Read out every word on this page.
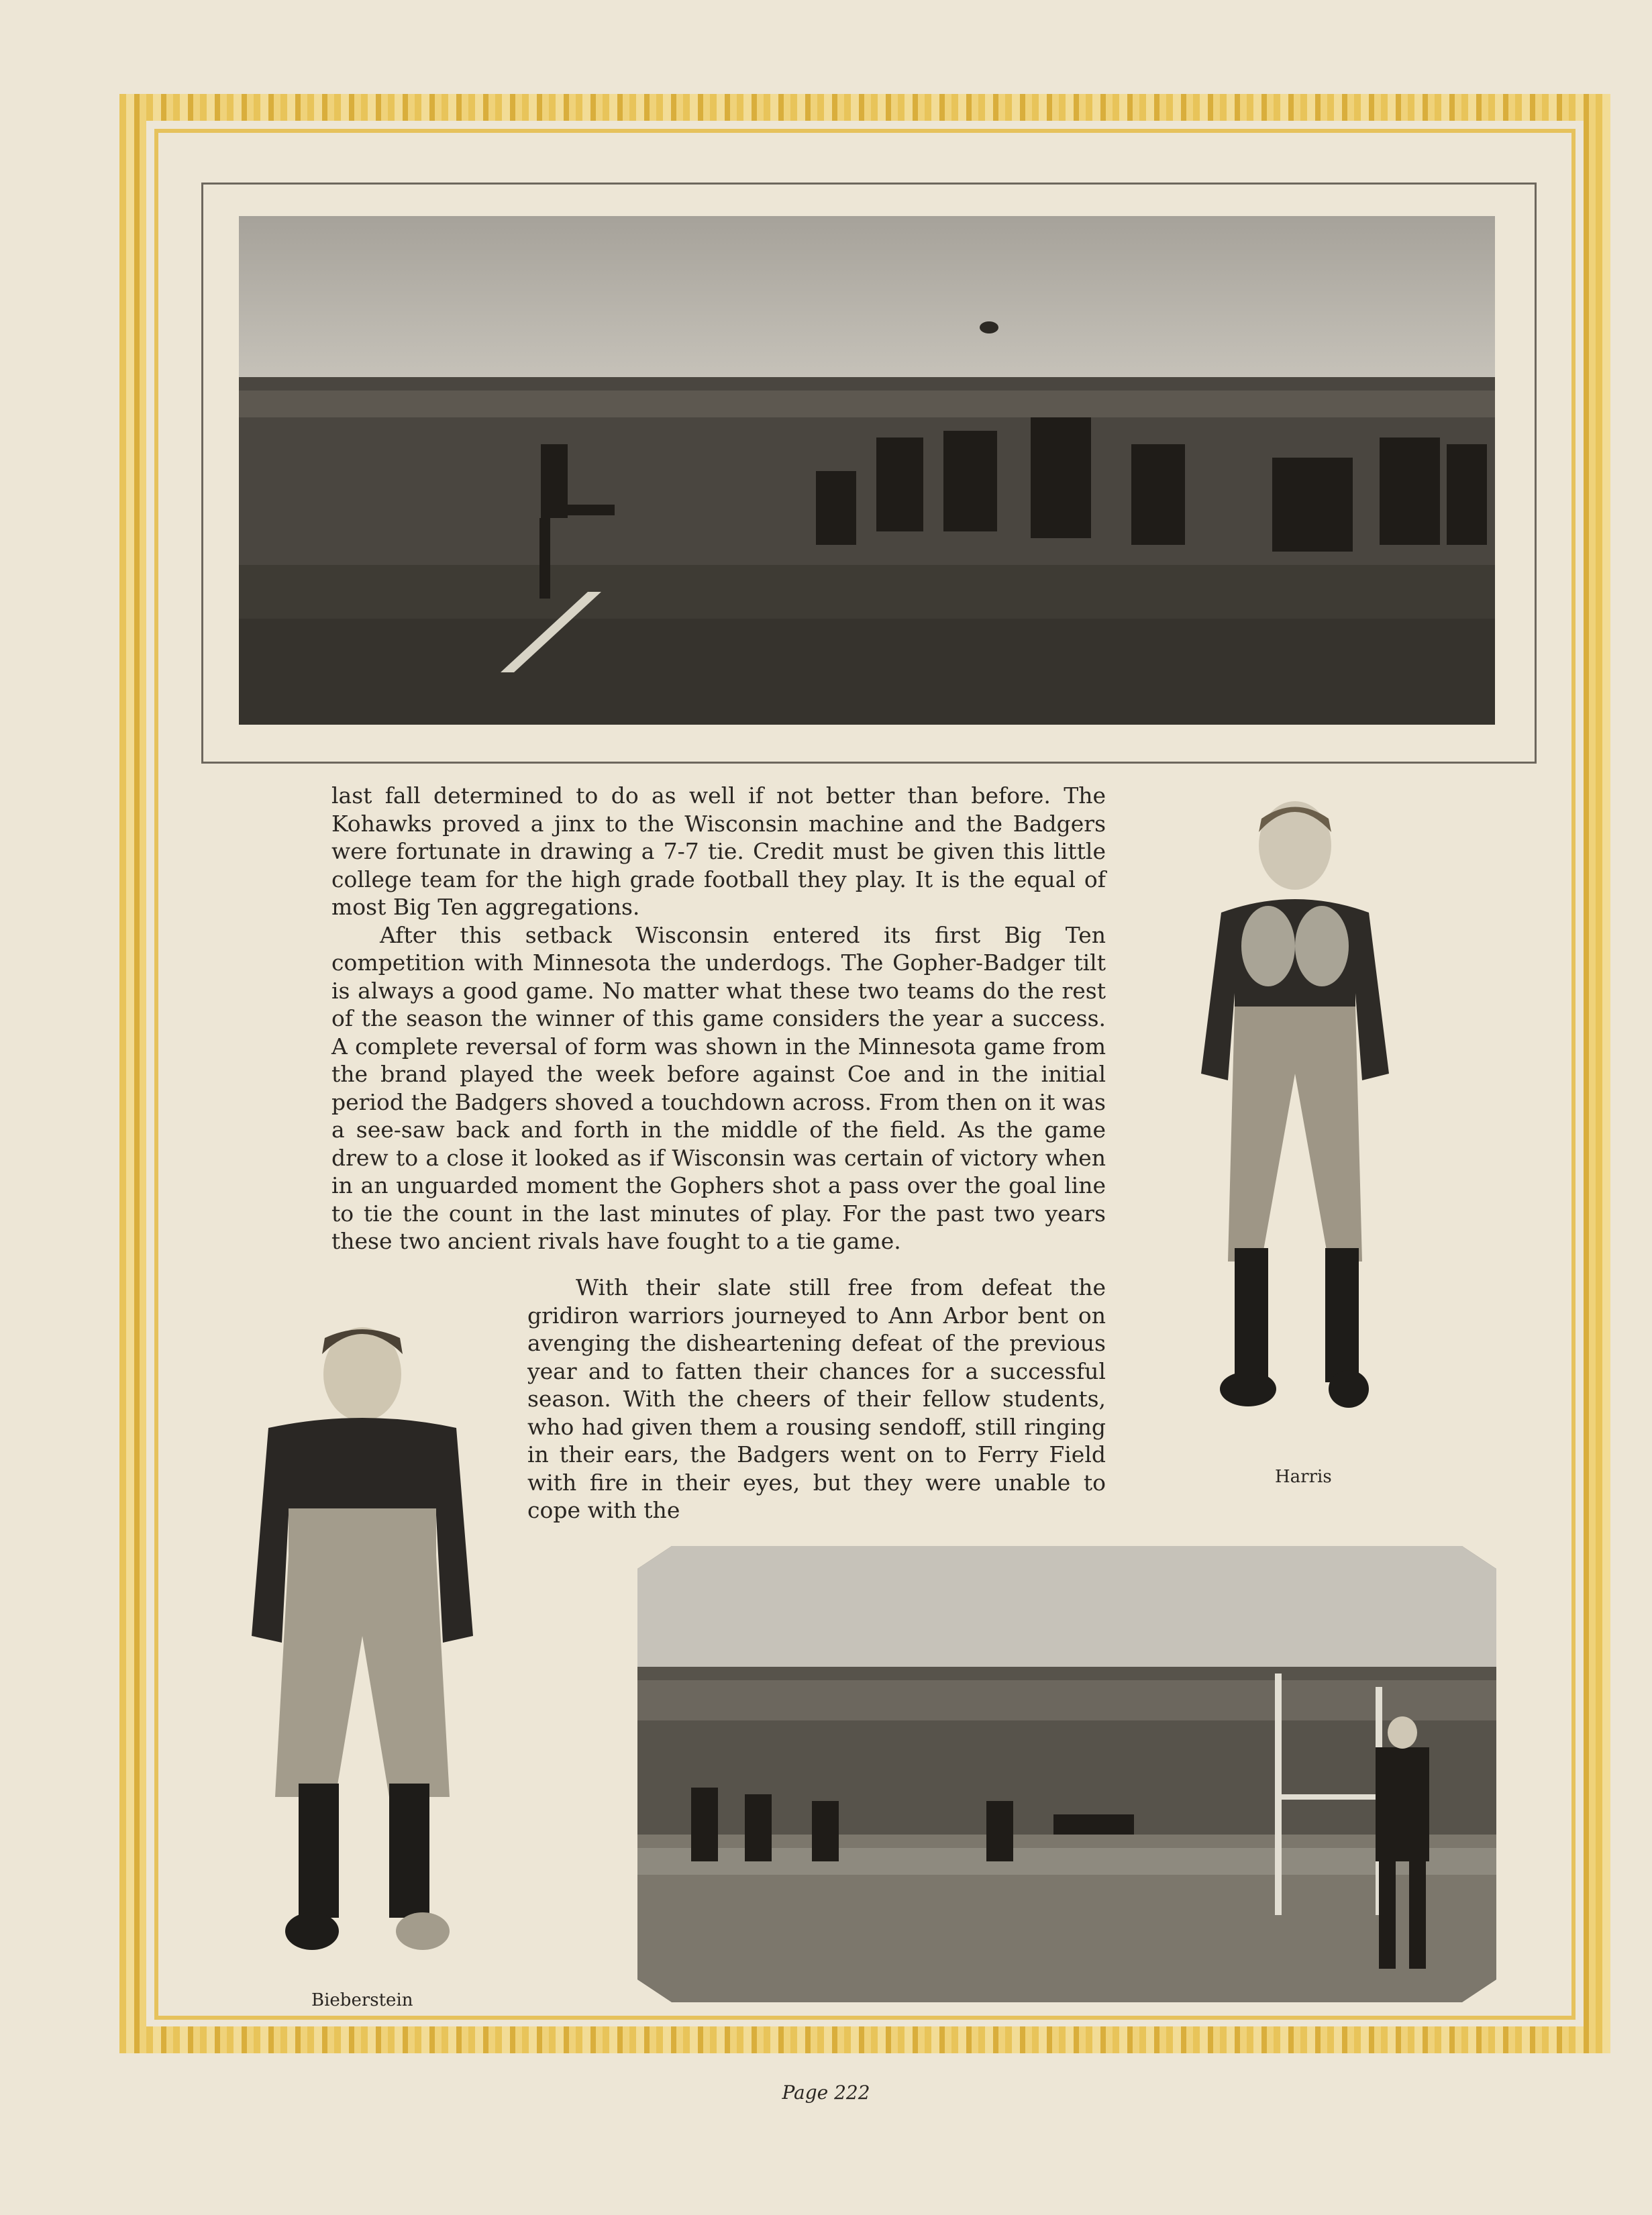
last fall determined to do as well if not better than before. The Kohawks proved a jinx to the Wisconsin machine and the Badgers were fortunate in drawing a 7-7 tie. Credit must be given this little college team for the high grade football they play. It is the equal of most Big Ten aggregations.

After this setback Wisconsin entered its first Big Ten competition with Minnesota the underdogs. The Gopher-Badger tilt is always a good game. No matter what these two teams do the rest of the season the winner of this game considers the year a success. A complete reversal of form was shown in the Minnesota game from the brand played the week before against Coe and in the initial period the Badgers shoved a touchdown across. From then on it was a see-saw back and forth in the middle of the field. As the game drew to a close it looked as if Wisconsin was certain of victory when in an unguarded moment the Gophers shot a pass over the goal line to tie the count in the last minutes of play. For the past two years these two ancient rivals have fought to a tie game.

With their slate still free from defeat the gridiron warriors journeyed to Ann Arbor bent on avenging the disheartening defeat of the previous year and to fatten their chances for a successful season. With the cheers of their fellow students, who had given them a rousing sendoff, still ringing in their ears, the Badgers went on to Ferry Field with fire in their eyes, but they were unable to cope with the

Harris
Bieberstein
Page 222
